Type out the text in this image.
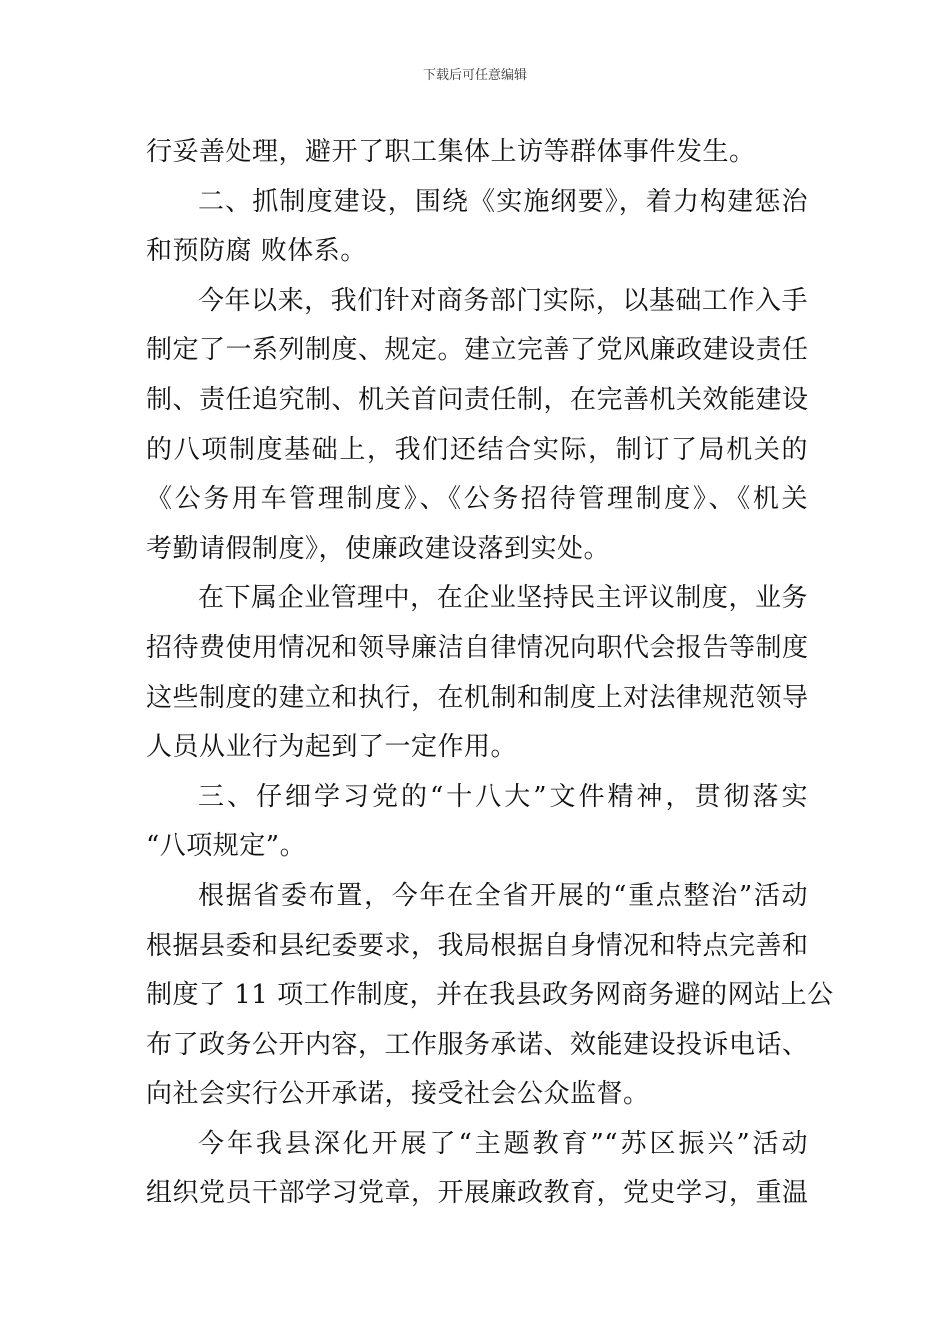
下载后可任意编辑
行妥善处理，避开了职工集体上访等群体事件发生。
二、抓制度建设，围绕《实施纲要》，着力构建惩治
和预防腐 败体系。
今年以来，我们针对商务部门实际，以基础工作入手
制定了一系列制度、规定。建立完善了党风廉政建设责任
制、责任追究制、机关首问责任制，在完善机关效能建设
的八项制度基础上，我们还结合实际，制订了局机关的
《公务用车管理制度》、《公务招待管理制度》、《机关
考勤请假制度》，使廉政建设落到实处。
在下属企业管理中，在企业坚持民主评议制度，业务
招待费使用情况和领导廉洁自律情况向职代会报告等制度
这些制度的建立和执行，在机制和制度上对法律规范领导
人员从业行为起到了一定作用。
三、仔细学习党的“十八大”文件精神，贯彻落实
“八项规定”。
根据省委布置，今年在全省开展的“重点整治”活动
根据县委和县纪委要求，我局根据自身情况和特点完善和
制度了 11 项工作制度，并在我县政务网商务避的网站上公
布了政务公开内容，工作服务承诺、效能建设投诉电话、
向社会实行公开承诺，接受社会公众监督。
今年我县深化开展了“主题教育”“苏区振兴”活动
组织党员干部学习党章，开展廉政教育，党史学习，重温
